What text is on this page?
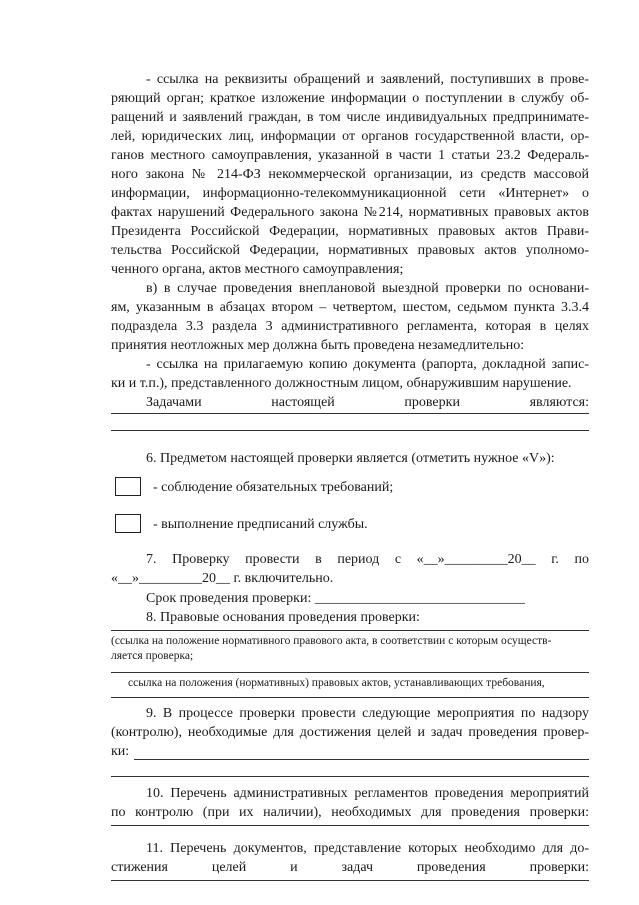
- ссылка на реквизиты обращений и заявлений, поступивших в прове-
ряющий орган; краткое изложение информации о поступлении в службу об-
ращений и заявлений граждан, в том числе индивидуальных предпринимате-
лей, юридических лиц, информации от органов государственной власти, ор-
ганов местного самоуправления, указанной в части 1 статьи 23.2 Федераль-
ного закона № 214-ФЗ некоммерческой организации, из средств массовой
информации, информационно-телекоммуникационной сети «Интернет» о
фактах нарушений Федерального закона №214, нормативных правовых актов
Президента Российской Федерации, нормативных правовых актов Прави-
тельства Российской Федерации, нормативных правовых актов уполномо-
ченного органа, актов местного самоуправления;
в) в случае проведения внеплановой выездной проверки по основани-
ям, указанным в абзацах втором – четвертом, шестом, седьмом пункта 3.3.4
подраздела 3.3 раздела 3 административного регламента, которая в целях
принятия неотложных мер должна быть проведена незамедлительно:
- ссылка на прилагаемую копию документа (рапорта, докладной запис-
ки и т.п.), представленного должностным лицом, обнаружившим нарушение.
Задачами настоящей проверки являются:
6. Предметом настоящей проверки является (отметить нужное «V»):
- соблюдение обязательных требований;
- выполнение предписаний службы.
7. Проверку провести в период с «__»_________20__ г. по
«__»_________20__ г. включительно.
Срок проведения проверки: ______________________________
8. Правовые основания проведения проверки:
(ссылка на положение нормативного правового акта, в соответствии с которым осуществ-
ляется проверка;
ссылка на положения (нормативных) правовых актов, устанавливающих требования,
9. В процессе проверки провести следующие мероприятия по надзору
(контролю), необходимые для достижения целей и задач проведения провер-
ки:
10. Перечень административных регламентов проведения мероприятий
по контролю (при их наличии), необходимых для проведения проверки:
11. Перечень документов, представление которых необходимо для до-
стижения целей и задач проведения проверки:
